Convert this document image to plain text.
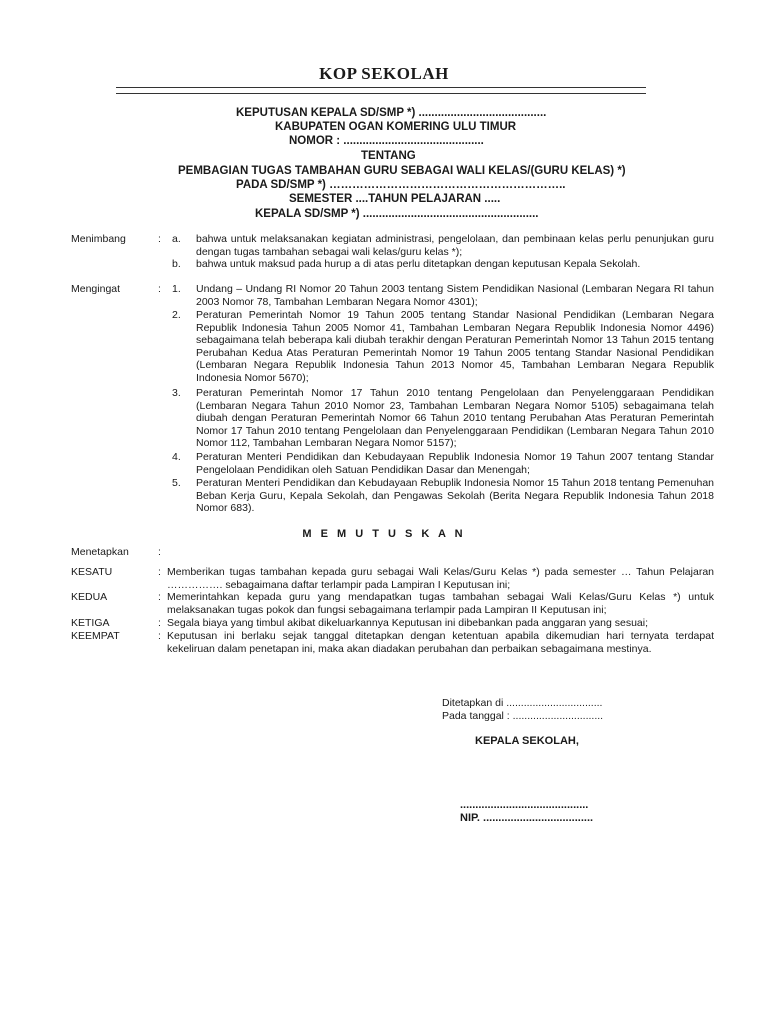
KOP SEKOLAH
KEPUTUSAN KEPALA SD/SMP *) ........................................
KABUPATEN OGAN KOMERING ULU TIMUR
NOMOR : ............................................
TENTANG
PEMBAGIAN TUGAS TAMBAHAN GURU SEBAGAI WALI KELAS/(GURU KELAS) *)
PADA SD/SMP *) ……………………………………………………..
SEMESTER ....TAHUN PELAJARAN .....
KEPALA SD/SMP *) .......................................................
Menimbang	: a. bahwa untuk melaksanakan kegiatan administrasi, pengelolaan, dan pembinaan kelas perlu penunjukan guru dengan tugas tambahan sebagai wali kelas/guru kelas *);
b. bahwa untuk maksud pada hurup a di atas perlu ditetapkan dengan keputusan Kepala Sekolah.
Mengingat	: 1. Undang – Undang RI Nomor 20 Tahun 2003 tentang Sistem Pendidikan Nasional (Lembaran Negara RI tahun 2003 Nomor 78, Tambahan Lembaran Negara Nomor 4301);
2. Peraturan Pemerintah Nomor 19 Tahun 2005 tentang Standar Nasional Pendidikan (Lembaran Negara Republik Indonesia Tahun 2005 Nomor 41, Tambahan Lembaran Negara Republik Indonesia Nomor 4496) sebagaimana telah beberapa kali diubah terakhir dengan Peraturan Pemerintah Nomor 13 Tahun 2015 tentang Perubahan Kedua Atas Peraturan Pemerintah Nomor 19 Tahun 2005 tentang Standar Nasional Pendidikan (Lembaran Negara Republik Indonesia Tahun 2013 Nomor 45, Tambahan Lembaran Negara Republik Indonesia Nomor 5670);
3. Peraturan Pemerintah Nomor 17 Tahun 2010 tentang Pengelolaan dan Penyelenggaraan Pendidikan (Lembaran Negara Tahun 2010 Nomor 23, Tambahan Lembaran Negara Nomor 5105) sebagaimana telah diubah dengan Peraturan Pemerintah Nomor 66 Tahun 2010 tentang Perubahan Atas Peraturan Pemerintah Nomor 17 Tahun 2010 tentang Pengelolaan dan Penyelenggaraan Pendidikan (Lembaran Negara Tahun 2010 Nomor 112, Tambahan Lembaran Negara Nomor 5157);
4. Peraturan Menteri Pendidikan dan Kebudayaan Republik Indonesia Nomor 19 Tahun 2007 tentang Standar Pengelolaan Pendidikan oleh Satuan Pendidikan Dasar dan Menengah;
5. Peraturan Menteri Pendidikan dan Kebudayaan Rebuplik Indonesia Nomor 15 Tahun 2018 tentang Pemenuhan Beban Kerja Guru, Kepala Sekolah, dan Pengawas Sekolah (Berita Negara Republik Indonesia Tahun 2018 Nomor 683).
M E M U T U S K A N
Menetapkan	:
KESATU	: Memberikan tugas tambahan kepada guru sebagai Wali Kelas/Guru Kelas *) pada semester … Tahun Pelajaran ……………. sebagaimana daftar terlampir pada Lampiran I Keputusan ini;
KEDUA	: Memerintahkan kepada guru yang mendapatkan tugas tambahan sebagai Wali Kelas/Guru Kelas *) untuk melaksanakan tugas pokok dan fungsi sebagaimana terlampir pada Lampiran II Keputusan ini;
KETIGA	: Segala biaya yang timbul akibat dikeluarkannya Keputusan ini dibebankan pada anggaran yang sesuai;
KEEMPAT	: Keputusan ini berlaku sejak tanggal ditetapkan dengan ketentuan apabila dikemudian hari ternyata terdapat kekeliruan dalam penetapan ini, maka akan diadakan perubahan dan perbaikan sebagaimana mestinya.
Ditetapkan di .................................
Pada tanggal : ...............................
KEPALA SEKOLAH,
..........................................
NIP. ....................................
